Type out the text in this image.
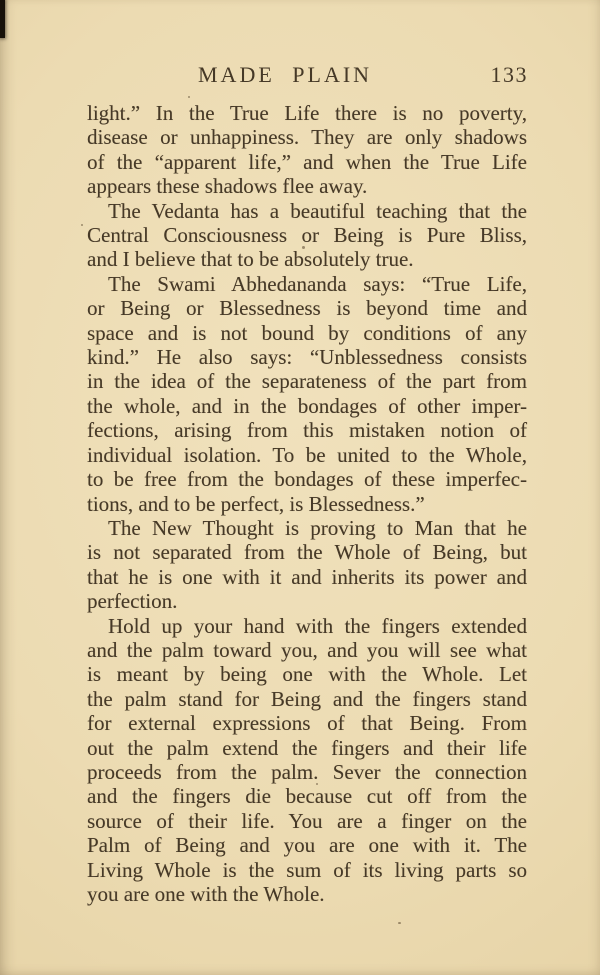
MADE PLAIN	133
light.” In the True Life there is no poverty,
disease or unhappiness. They are only shadows
of the “apparent life,” and when the True Life
appears these shadows flee away.
The Vedanta has a beautiful teaching that the
Central Consciousness or Being is Pure Bliss,
and I believe that to be absolutely true.
The Swami Abhedananda says: “True Life,
or Being or Blessedness is beyond time and
space and is not bound by conditions of any
kind.” He also says: “Unblessedness consists
in the idea of the separateness of the part from
the whole, and in the bondages of other imper-
fections, arising from this mistaken notion of
individual isolation. To be united to the Whole,
to be free from the bondages of these imperfec-
tions, and to be perfect, is Blessedness.”
The New Thought is proving to Man that he
is not separated from the Whole of Being, but
that he is one with it and inherits its power and
perfection.
Hold up your hand with the fingers extended
and the palm toward you, and you will see what
is meant by being one with the Whole. Let
the palm stand for Being and the fingers stand
for external expressions of that Being. From
out the palm extend the fingers and their life
proceeds from the palm. Sever the connection
and the fingers die because cut off from the
source of their life. You are a finger on the
Palm of Being and you are one with it. The
Living Whole is the sum of its living parts so
you are one with the Whole.
